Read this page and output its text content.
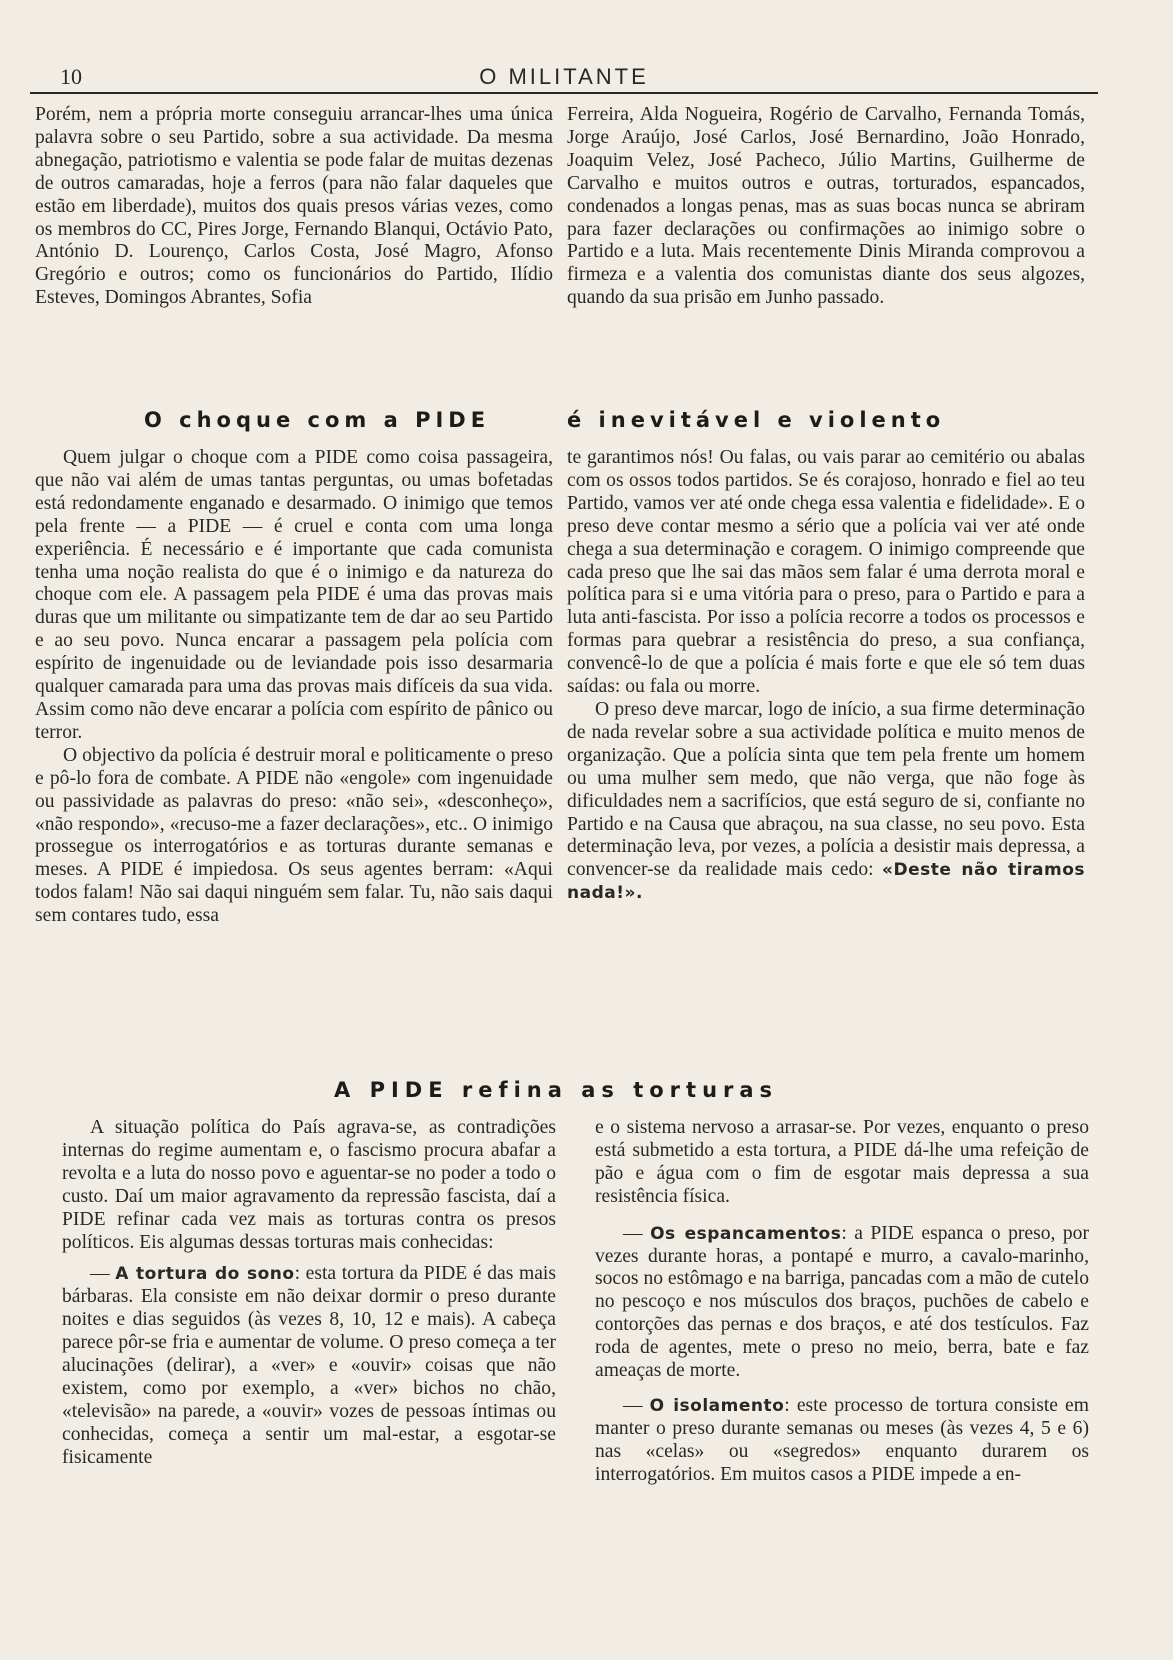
10	O MILITANTE

Porém, nem a própria morte conseguiu arrancar-lhes uma única palavra sobre o seu Partido, sobre a sua actividade. Da mesma abnegação, patriotismo e valentia se pode falar de muitas dezenas de outros camaradas, hoje a ferros (para não falar daqueles que estão em liberdade), muitos dos quais presos várias vezes, como os membros do CC, Pires Jorge, Fernando Blanqui, Octávio Pato, António D. Lourenço, Carlos Costa, José Magro, Afonso Gregório e outros; como os funcionários do Partido, Ilídio Esteves, Domingos Abrantes, Sofia

Ferreira, Alda Nogueira, Rogério de Carvalho, Fernanda Tomás, Jorge Araújo, José Carlos, José Bernardino, João Honrado, Joaquim Velez, José Pacheco, Júlio Martins, Guilherme de Carvalho e muitos outros e outras, torturados, espancados, condenados a longas penas, mas as suas bocas nunca se abriram para fazer declarações ou confirmações ao inimigo sobre o Partido e a luta. Mais recentemente Dinis Miranda comprovou a firmeza e a valentia dos comunistas diante dos seus algozes, quando da sua prisão em Junho passado.

O choque com a PIDE	é inevitável e violento

Quem julgar o choque com a PIDE como coisa passageira, que não vai além de umas tantas perguntas, ou umas bofetadas está redondamente enganado e desarmado. O inimigo que temos pela frente — a PIDE — é cruel e conta com uma longa experiência. É necessário e é importante que cada comunista tenha uma noção realista do que é o inimigo e da natureza do choque com ele. A passagem pela PIDE é uma das provas mais duras que um militante ou simpatizante tem de dar ao seu Partido e ao seu povo. Nunca encarar a passagem pela polícia com espírito de ingenuidade ou de leviandade pois isso desarmaria qualquer camarada para uma das provas mais difíceis da sua vida. Assim como não deve encarar a polícia com espírito de pânico ou terror.

O objectivo da polícia é destruir moral e politicamente o preso e pô-lo fora de combate. A PIDE não «engole» com ingenuidade ou passividade as palavras do preso: «não sei», «desconheço», «não respondo», «recuso-me a fazer declarações», etc.. O inimigo prossegue os interrogatórios e as torturas durante semanas e meses. A PIDE é impiedosa. Os seus agentes berram: «Aqui todos falam! Não sai daqui ninguém sem falar. Tu, não sais daqui sem contares tudo, essa

te garantimos nós! Ou falas, ou vais parar ao cemitério ou abalas com os ossos todos partidos. Se és corajoso, honrado e fiel ao teu Partido, vamos ver até onde chega essa valentia e fidelidade». E o preso deve contar mesmo a sério que a polícia vai ver até onde chega a sua determinação e coragem. O inimigo compreende que cada preso que lhe sai das mãos sem falar é uma derrota moral e política para si e uma vitória para o preso, para o Partido e para a luta anti-fascista. Por isso a polícia recorre a todos os processos e formas para quebrar a resistência do preso, a sua confiança, convencê-lo de que a polícia é mais forte e que ele só tem duas saídas: ou fala ou morre.

O preso deve marcar, logo de início, a sua firme determinação de nada revelar sobre a sua actividade política e muito menos de organização. Que a polícia sinta que tem pela frente um homem ou uma mulher sem medo, que não verga, que não foge às dificuldades nem a sacrifícios, que está seguro de si, confiante no Partido e na Causa que abraçou, na sua classe, no seu povo. Esta determinação leva, por vezes, a polícia a desistir mais depressa, a convencer-se da realidade mais cedo: «Deste não tiramos nada!».

A PIDE refina as torturas

A situação política do País agrava-se, as contradições internas do regime aumentam e, o fascismo procura abafar a revolta e a luta do nosso povo e aguentar-se no poder a todo o custo. Daí um maior agravamento da repressão fascista, daí a PIDE refinar cada vez mais as torturas contra os presos políticos. Eis algumas dessas torturas mais conhecidas:

— A tortura do sono: esta tortura da PIDE é das mais bárbaras. Ela consiste em não deixar dormir o preso durante noites e dias seguidos (às vezes 8, 10, 12 e mais). A cabeça parece pôr-se fria e aumentar de volume. O preso começa a ter alucinações (delirar), a «ver» e «ouvir» coisas que não existem, como por exemplo, a «ver» bichos no chão, «televisão» na parede, a «ouvir» vozes de pessoas íntimas ou conhecidas, começa a sentir um mal-estar, a esgotar-se fisicamente

e o sistema nervoso a arrasar-se. Por vezes, enquanto o preso está submetido a esta tortura, a PIDE dá-lhe uma refeição de pão e água com o fim de esgotar mais depressa a sua resistência física.

— Os espancamentos: a PIDE espanca o preso, por vezes durante horas, a pontapé e murro, a cavalo-marinho, socos no estômago e na barriga, pancadas com a mão de cutelo no pescoço e nos músculos dos braços, puchões de cabelo e contorções das pernas e dos braços, e até dos testículos. Faz roda de agentes, mete o preso no meio, berra, bate e faz ameaças de morte.

— O isolamento: este processo de tortura consiste em manter o preso durante semanas ou meses (às vezes 4, 5 e 6) nas «celas» ou «segredos» enquanto durarem os interrogatórios. Em muitos casos a PIDE impede a en-
